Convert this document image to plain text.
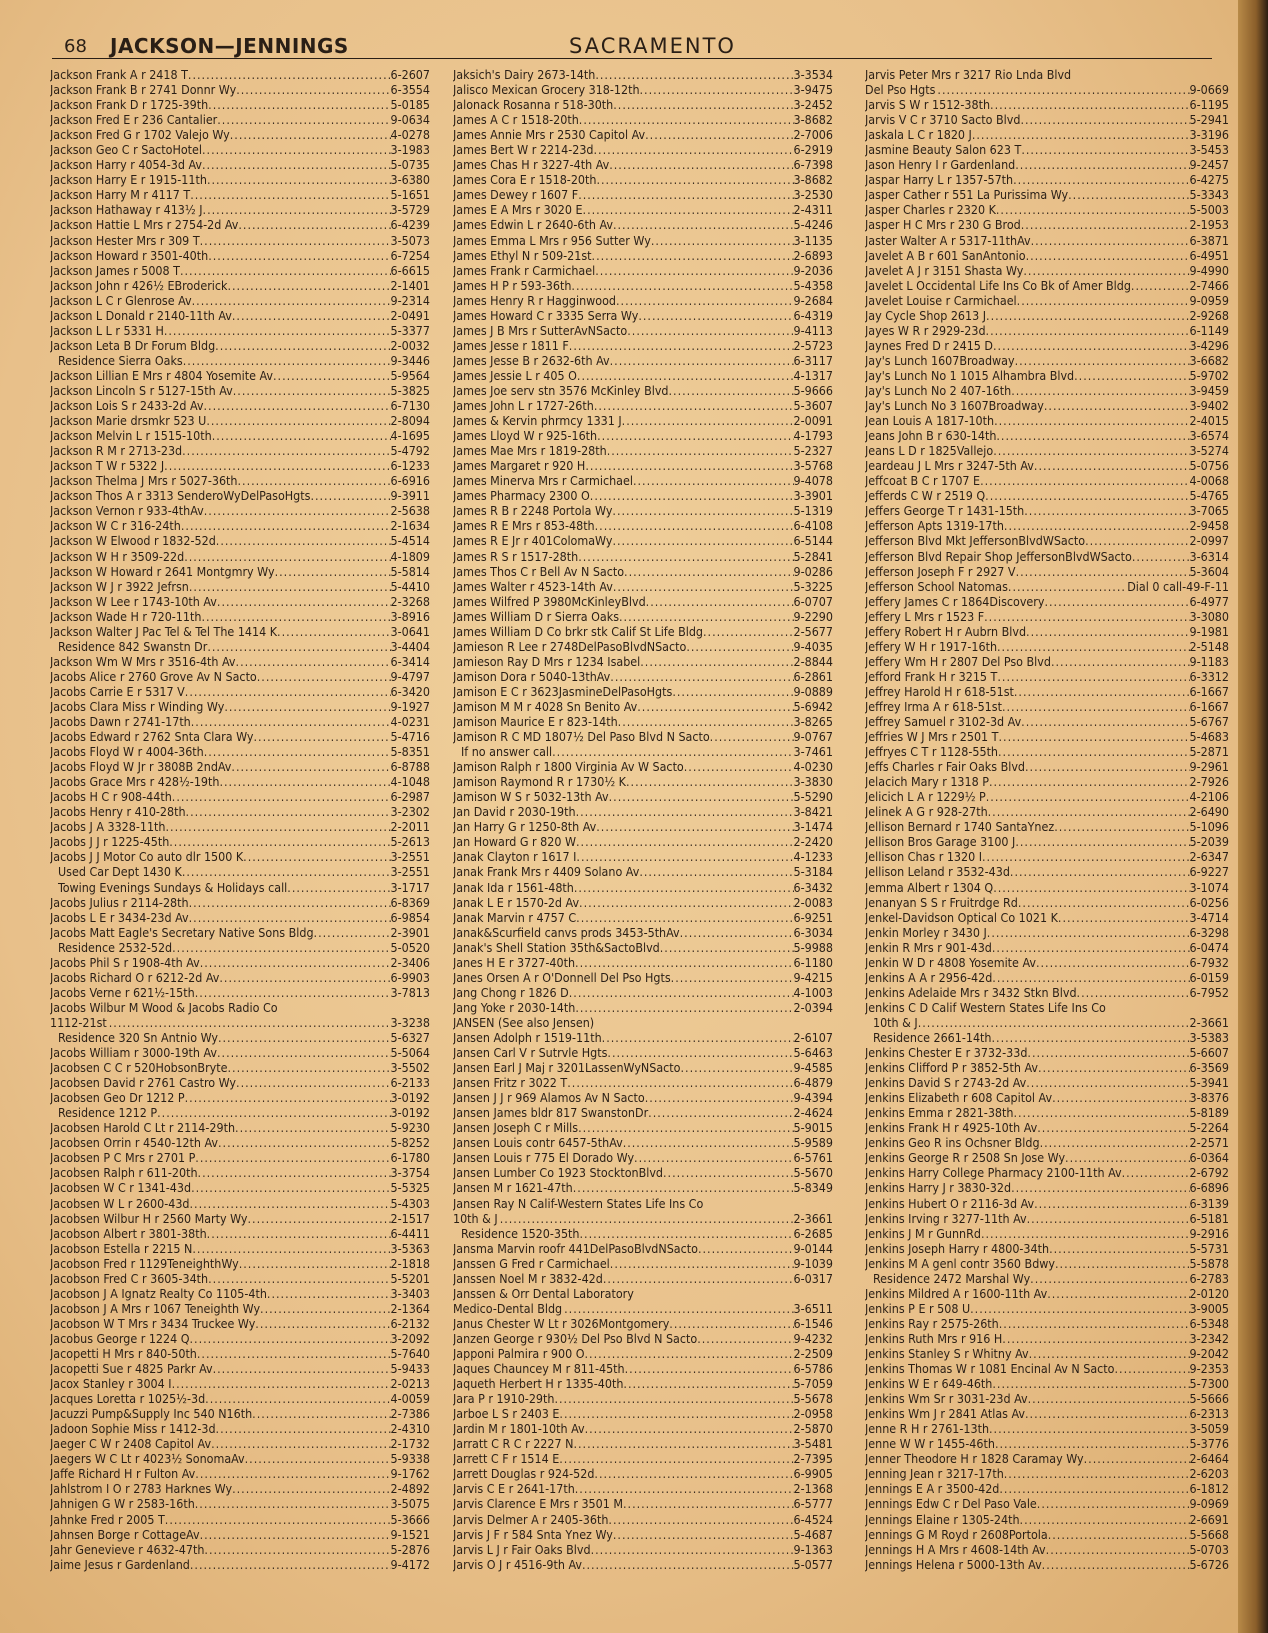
68 JACKSON—JENNINGS	SACRAMENTO
Jackson Frank A r 2418 T .....	6-2607
Jackson Frank B r 2741 Donnr Wy .....	6-3554
Jackson Frank D r 1725-39th .....	5-0185
Jackson Fred E r 236 Cantalier .....	9-0634
Jackson Fred G r 1702 Valejo Wy .....	4-0278
Jackson Geo C r SactoHotel .....	3-1983
Jackson Harry r 4054-3d Av .....	5-0735
Jackson Harry E r 1915-11th .....	3-6380
Jackson Harry M r 4117 T .....	5-1651
Jackson Hathaway r 413½ J .....	3-5729
Jackson Hattie L Mrs r 2754-2d Av .....	6-4239
Jackson Hester Mrs r 309 T .....	3-5073
Jackson Howard r 3501-40th .....	6-7254
Jackson James r 5008 T .....	6-6615
Jackson John r 426½ EBroderick .....	2-1401
Jackson L C r Glenrose Av .....	9-2314
Jackson L Donald r 2140-11th Av .....	2-0491
Jackson L L r 5331 H .....	5-3377
Jackson Leta B Dr Forum Bldg .....	2-0032
Residence Sierra Oaks .....	9-3446
Jackson Lillian E Mrs r 4804 Yosemite Av .....	5-9564
Jackson Lincoln S r 5127-15th Av .....	5-3825
Jackson Lois S r 2433-2d Av .....	6-7130
Jackson Marie drsmkr 523 U .....	2-8094
Jackson Melvin L r 1515-10th .....	4-1695
Jackson R M r 2713-23d .....	5-4792
Jackson T W r 5322 J .....	6-1233
Jackson Thelma J Mrs r 5027-36th .....	6-6916
Jackson Thos A r 3313 SenderoWyDelPasoHgts .....	9-3911
Jackson Vernon r 933-4thAv .....	2-5638
Jackson W C r 316-24th .....	2-1634
Jackson W Elwood r 1832-52d .....	5-4514
Jackson W H r 3509-22d .....	4-1809
Jackson W Howard r 2641 Montgmry Wy .....	5-5814
Jackson W J r 3922 Jefrsn .....	5-4410
Jackson W Lee r 1743-10th Av .....	2-3268
Jackson Wade H r 720-11th .....	3-8916
Jackson Walter J Pac Tel & Tel The 1414 K .....	3-0641
Residence 842 Swanstn Dr .....	3-4404
Jackson Wm W Mrs r 3516-4th Av .....	6-3414
Jacobs Alice r 2760 Grove Av N Sacto .....	9-4797
Jacobs Carrie E r 5317 V .....	6-3420
Jacobs Clara Miss r Winding Wy .....	9-1927
Jacobs Dawn r 2741-17th .....	4-0231
Jacobs Edward r 2762 Snta Clara Wy .....	5-4716
Jacobs Floyd W r 4004-36th .....	5-8351
Jacobs Floyd W Jr r 3808B 2ndAv .....	6-8788
Jacobs Grace Mrs r 428½-19th .....	4-1048
Jacobs H C r 908-44th .....	6-2987
Jacobs Henry r 410-28th .....	3-2302
Jacobs J A 3328-11th .....	2-2011
Jacobs J J r 1225-45th .....	5-2613
Jacobs J J Motor Co auto dlr 1500 K .....	3-2551
Used Car Dept 1430 K .....	3-2551
Towing Evenings Sundays & Holidays call .....	3-1717
Jacobs Julius r 2114-28th .....	6-8369
Jacobs L E r 3434-23d Av .....	6-9854
Jacobs Matt Eagle's Secretary Native Sons Bldg .....	2-3901
Residence 2532-52d .....	5-0520
Jacobs Phil S r 1908-4th Av .....	2-3406
Jacobs Richard O r 6212-2d Av .....	6-9903
Jacobs Verne r 621½-15th .....	3-7813
Jacobs Wilbur M Wood & Jacobs Radio Co
1112-21st .....	3-3238
Residence 320 Sn Antnio Wy .....	5-6327
Jacobs William r 3000-19th Av .....	5-5064
Jacobsen C C r 520HobsonBryte .....	3-5502
Jacobsen David r 2761 Castro Wy .....	6-2133
Jacobsen Geo Dr 1212 P .....	3-0192
Residence 1212 P .....	3-0192
Jacobsen Harold C Lt r 2114-29th .....	5-9230
Jacobsen Orrin r 4540-12th Av .....	5-8252
Jacobsen P C Mrs r 2701 P .....	6-1780
Jacobsen Ralph r 611-20th .....	3-3754
Jacobsen W C r 1341-43d .....	5-5325
Jacobsen W L r 2600-43d .....	5-4303
Jacobsen Wilbur H r 2560 Marty Wy .....	2-1517
Jacobson Albert r 3801-38th .....	6-4411
Jacobson Estella r 2215 N .....	3-5363
Jacobson Fred r 1129TeneighthWy .....	2-1818
Jacobson Fred C r 3605-34th .....	5-5201
Jacobson J A Ignatz Realty Co 1105-4th .....	3-3403
Jacobson J A Mrs r 1067 Teneighth Wy .....	2-1364
Jacobson W T Mrs r 3434 Truckee Wy .....	6-2132
Jacobus George r 1224 Q .....	3-2092
Jacopetti H Mrs r 840-50th .....	5-7640
Jacopetti Sue r 4825 Parkr Av .....	5-9433
Jacox Stanley r 3004 I .....	2-0213
Jacques Loretta r 1025½-3d .....	4-0059
Jacuzzi Pump&Supply Inc 540 N16th .....	2-7386
Jadoon Sophie Miss r 1412-3d .....	2-4310
Jaeger C W r 2408 Capitol Av .....	2-1732
Jaegers W C Lt r 4023½ SonomaAv .....	5-9338
Jaffe Richard H r Fulton Av .....	9-1762
Jahlstrom I O r 2783 Harknes Wy .....	2-4892
Jahnigen G W r 2583-16th .....	3-5075
Jahnke Fred r 2005 T .....	5-3666
Jahnsen Borge r CottageAv .....	9-1521
Jahr Genevieve r 4632-47th .....	5-2876
Jaime Jesus r Gardenland .....	9-4172
Jaksich's Dairy 2673-14th .....	3-3534
Jalisco Mexican Grocery 318-12th .....	3-9475
Jalonack Rosanna r 518-30th .....	3-2452
James A C r 1518-20th .....	3-8682
James Annie Mrs r 2530 Capitol Av .....	2-7006
James Bert W r 2214-23d .....	6-2919
James Chas H r 3227-4th Av .....	6-7398
James Cora E r 1518-20th .....	3-8682
James Dewey r 1607 F .....	3-2530
James E A Mrs r 3020 E .....	2-4311
James Edwin L r 2640-6th Av .....	5-4246
James Emma L Mrs r 956 Sutter Wy .....	3-1135
James Ethyl N r 509-21st .....	2-6893
James Frank r Carmichael .....	9-2036
James H P r 593-36th .....	5-4358
James Henry R r Hagginwood .....	9-2684
James Howard C r 3335 Serra Wy .....	6-4319
James J B Mrs r SutterAvNSacto .....	9-4113
James Jesse r 1811 F .....	2-5723
James Jesse B r 2632-6th Av .....	6-3117
James Jessie L r 405 O .....	4-1317
James Joe serv stn 3576 McKinley Blvd .....	5-9666
James John L r 1727-26th .....	5-3607
James & Kervin phrmcy 1331 J .....	2-0091
James Lloyd W r 925-16th .....	4-1793
James Mae Mrs r 1819-28th .....	5-2327
James Margaret r 920 H .....	3-5768
James Minerva Mrs r Carmichael .....	9-4078
James Pharmacy 2300 O .....	3-3901
James R B r 2248 Portola Wy .....	5-1319
James R E Mrs r 853-48th .....	6-4108
James R E Jr r 401ColomaWy .....	6-5144
James R S r 1517-28th .....	5-2841
James Thos C r Bell Av N Sacto .....	9-0286
James Walter r 4523-14th Av .....	5-3225
James Wilfred P 3980McKinleyBlvd .....	6-0707
James William D r Sierra Oaks .....	9-2290
James William D Co brkr stk Calif St Life Bldg .....	2-5677
Jamieson R Lee r 2748DelPasoBlvdNSacto .....	9-4035
Jamieson Ray D Mrs r 1234 Isabel .....	2-8844
Jamison Dora r 5040-13thAv .....	6-2861
Jamison E C r 3623JasmineDelPasoHgts .....	9-0889
Jamison M M r 4028 Sn Benito Av .....	5-6942
Jamison Maurice E r 823-14th .....	3-8265
Jamison R C MD 1807½ Del Paso Blvd N Sacto .....	9-0767
If no answer call .....	3-7461
Jamison Ralph r 1800 Virginia Av W Sacto .....	4-0230
Jamison Raymond R r 1730½ K .....	3-3830
Jamison W S r 5032-13th Av .....	5-5290
Jan David r 2030-19th .....	3-8421
Jan Harry G r 1250-8th Av .....	3-1474
Jan Howard G r 820 W .....	2-2420
Janak Clayton r 1617 I .....	4-1233
Janak Frank Mrs r 4409 Solano Av .....	5-3184
Janak Ida r 1561-48th .....	6-3432
Janak L E r 1570-2d Av .....	2-0083
Janak Marvin r 4757 C .....	6-9251
Janak&Scurfield canvs prods 3453-5thAv .....	6-3034
Janak's Shell Station 35th&SactoBlvd .....	5-9988
Janes H E r 3727-40th .....	6-1180
Janes Orsen A r O'Donnell Del Pso Hgts .....	9-4215
Jang Chong r 1826 D .....	4-1003
Jang Yoke r 2030-14th .....	2-0394
JANSEN (See also Jensen)
Jansen Adolph r 1519-11th .....	2-6107
Jansen Carl V r Sutrvle Hgts .....	5-6463
Jansen Earl J Maj r 3201LassenWyNSacto .....	9-4585
Jansen Fritz r 3022 T .....	6-4879
Jansen J J r 969 Alamos Av N Sacto .....	9-4394
Jansen James bldr 817 SwanstonDr .....	2-4624
Jansen Joseph C r Mills .....	5-9015
Jansen Louis contr 6457-5thAv .....	5-9589
Jansen Louis r 775 El Dorado Wy .....	6-5761
Jansen Lumber Co 1923 StocktonBlvd .....	5-5670
Jansen M r 1621-47th .....	5-8349
Jansen Ray N Calif-Western States Life Ins Co
10th & J .....	2-3661
Residence 1520-35th .....	6-2685
Jansma Marvin roofr 441DelPasoBlvdNSacto .....	9-0144
Janssen G Fred r Carmichael .....	9-1039
Janssen Noel M r 3832-42d .....	6-0317
Janssen & Orr Dental Laboratory
Medico-Dental Bldg .....	3-6511
Janus Chester W Lt r 3026Montgomery .....	6-1546
Janzen George r 930½ Del Pso Blvd N Sacto .....	9-4232
Japponi Palmira r 900 O .....	2-2509
Jaques Chauncey M r 811-45th .....	6-5786
Jaqueth Herbert H r 1335-40th .....	5-7059
Jara P r 1910-29th .....	5-5678
Jarboe L S r 2403 E .....	2-0958
Jardin M r 1801-10th Av .....	2-5870
Jarratt C R C r 2227 N .....	3-5481
Jarrett C F r 1514 E .....	2-7395
Jarrett Douglas r 924-52d .....	6-9905
Jarvis C E r 2641-17th .....	2-1368
Jarvis Clarence E Mrs r 3501 M .....	6-5777
Jarvis Delmer A r 2405-36th .....	6-4524
Jarvis J F r 584 Snta Ynez Wy .....	5-4687
Jarvis L J r Fair Oaks Blvd .....	9-1363
Jarvis O J r 4516-9th Av .....	5-0577
Jarvis Peter Mrs r 3217 Rio Lnda Blvd
Del Pso Hgts .....	9-0669
Jarvis S W r 1512-38th .....	6-1195
Jarvis V C r 3710 Sacto Blvd .....	5-2941
Jaskala L C r 1820 J .....	3-3196
Jasmine Beauty Salon 623 T .....	3-5453
Jason Henry I r Gardenland .....	9-2457
Jaspar Harry L r 1357-57th .....	6-4275
Jasper Cather r 551 La Purissima Wy .....	5-3343
Jasper Charles r 2320 K .....	5-5003
Jasper H C Mrs r 230 G Brod .....	2-1953
Jaster Walter A r 5317-11thAv .....	6-3871
Javelet A B r 601 SanAntonio .....	6-4951
Javelet A J r 3151 Shasta Wy .....	9-4990
Javelet L Occidental Life Ins Co Bk of Amer Bldg .....	2-7466
Javelet Louise r Carmichael .....	9-0959
Jay Cycle Shop 2613 J .....	2-9268
Jayes W R r 2929-23d .....	6-1149
Jaynes Fred D r 2415 D .....	3-4296
Jay's Lunch 1607Broadway .....	3-6682
Jay's Lunch No 1 1015 Alhambra Blvd .....	5-9702
Jay's Lunch No 2 407-16th .....	3-9459
Jay's Lunch No 3 1607Broadway .....	3-9402
Jean Louis A 1817-10th .....	2-4015
Jeans John B r 630-14th .....	3-6574
Jeans L D r 1825Vallejo .....	3-5274
Jeardeau J L Mrs r 3247-5th Av .....	5-0756
Jeffcoat B C r 1707 E .....	4-0068
Jefferds C W r 2519 Q .....	5-4765
Jeffers George T r 1431-15th .....	3-7065
Jefferson Apts 1319-17th .....	2-9458
Jefferson Blvd Mkt JeffersonBlvdWSacto .....	2-0997
Jefferson Blvd Repair Shop JeffersonBlvdWSacto .....	3-6314
Jefferson Joseph F r 2927 V .....	5-3604
Jefferson School Natomas .....	Dial 0 call-49-F-11
Jeffery James C r 1864Discovery .....	6-4977
Jeffery L Mrs r 1523 F .....	3-3080
Jeffery Robert H r Aubrn Blvd .....	9-1981
Jeffery W H r 1917-16th .....	2-5148
Jeffery Wm H r 2807 Del Pso Blvd .....	9-1183
Jefford Frank H r 3215 T .....	6-3312
Jeffrey Harold H r 618-51st .....	6-1667
Jeffrey Irma A r 618-51st .....	6-1667
Jeffrey Samuel r 3102-3d Av .....	5-6767
Jeffries W J Mrs r 2501 T .....	5-4683
Jeffryes C T r 1128-55th .....	5-2871
Jeffs Charles r Fair Oaks Blvd .....	9-2961
Jelacich Mary r 1318 P .....	2-7926
Jelicich L A r 1229½ P .....	4-2106
Jelinek A G r 928-27th .....	2-6490
Jellison Bernard r 1740 SantaYnez .....	5-1096
Jellison Bros Garage 3100 J .....	5-2039
Jellison Chas r 1320 I .....	2-6347
Jellison Leland r 3532-43d .....	6-9227
Jemma Albert r 1304 Q .....	3-1074
Jenanyan S S r Fruitrdge Rd .....	6-0256
Jenkel-Davidson Optical Co 1021 K .....	3-4714
Jenkin Morley r 3430 J .....	6-3298
Jenkin R Mrs r 901-43d .....	6-0474
Jenkin W D r 4808 Yosemite Av .....	6-7932
Jenkins A A r 2956-42d .....	6-0159
Jenkins Adelaide Mrs r 3432 Stkn Blvd .....	6-7952
Jenkins C D Calif Western States Life Ins Co
10th & J .....	2-3661
Residence 2661-14th .....	3-5383
Jenkins Chester E r 3732-33d .....	5-6607
Jenkins Clifford P r 3852-5th Av .....	6-3569
Jenkins David S r 2743-2d Av .....	5-3941
Jenkins Elizabeth r 608 Capitol Av .....	3-8376
Jenkins Emma r 2821-38th .....	5-8189
Jenkins Frank H r 4925-10th Av .....	5-2264
Jenkins Geo R ins Ochsner Bldg .....	2-2571
Jenkins George R r 2508 Sn Jose Wy .....	6-0364
Jenkins Harry College Pharmacy 2100-11th Av .....	2-6792
Jenkins Harry J r 3830-32d .....	6-6896
Jenkins Hubert O r 2116-3d Av .....	6-3139
Jenkins Irving r 3277-11th Av .....	6-5181
Jenkins J M r GunnRd .....	9-2916
Jenkins Joseph Harry r 4800-34th .....	5-5731
Jenkins M A genl contr 3560 Bdwy .....	5-5878
Residence 2472 Marshal Wy .....	6-2783
Jenkins Mildred A r 1600-11th Av .....	2-0120
Jenkins P E r 508 U .....	3-9005
Jenkins Ray r 2575-26th .....	6-5348
Jenkins Ruth Mrs r 916 H .....	3-2342
Jenkins Stanley S r Whitny Av .....	9-2042
Jenkins Thomas W r 1081 Encinal Av N Sacto .....	9-2353
Jenkins W E r 649-46th .....	5-7300
Jenkins Wm Sr r 3031-23d Av .....	5-5666
Jenkins Wm J r 2841 Atlas Av .....	6-2313
Jenne R H r 2761-13th .....	3-5059
Jenne W W r 1455-46th .....	5-3776
Jenner Theodore H r 1828 Caramay Wy .....	2-6464
Jenning Jean r 3217-17th .....	2-6203
Jennings E A r 3500-42d .....	6-1812
Jennings Edw C r Del Paso Vale .....	9-0969
Jennings Elaine r 1305-24th .....	2-6691
Jennings G M Royd r 2608Portola .....	5-5668
Jennings H A Mrs r 4608-14th Av .....	5-0703
Jennings Helena r 5000-13th Av .....	5-6726
